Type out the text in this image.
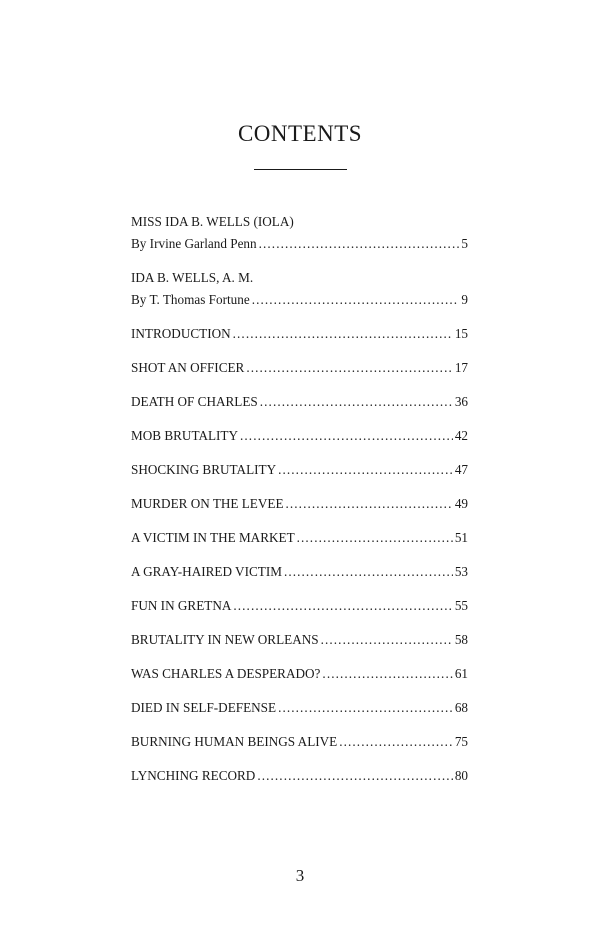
CONTENTS
MISS IDA B. WELLS (IOLA)
By Irvine Garland Penn . . .	5
IDA B. WELLS, A. M.
By T. Thomas Fortune . . .	9
INTRODUCTION . . .	15
SHOT AN OFFICER . . .	17
DEATH OF CHARLES . . .	36
MOB BRUTALITY . . .	42
SHOCKING BRUTALITY . . .	47
MURDER ON THE LEVEE . . .	49
A VICTIM IN THE MARKET . . .	51
A GRAY-HAIRED VICTIM . . .	53
FUN IN GRETNA . . .	55
BRUTALITY IN NEW ORLEANS . . .	58
WAS CHARLES A DESPERADO? . . .	61
DIED IN SELF-DEFENSE . . .	68
BURNING HUMAN BEINGS ALIVE . . .	75
LYNCHING RECORD . . .	80
3
